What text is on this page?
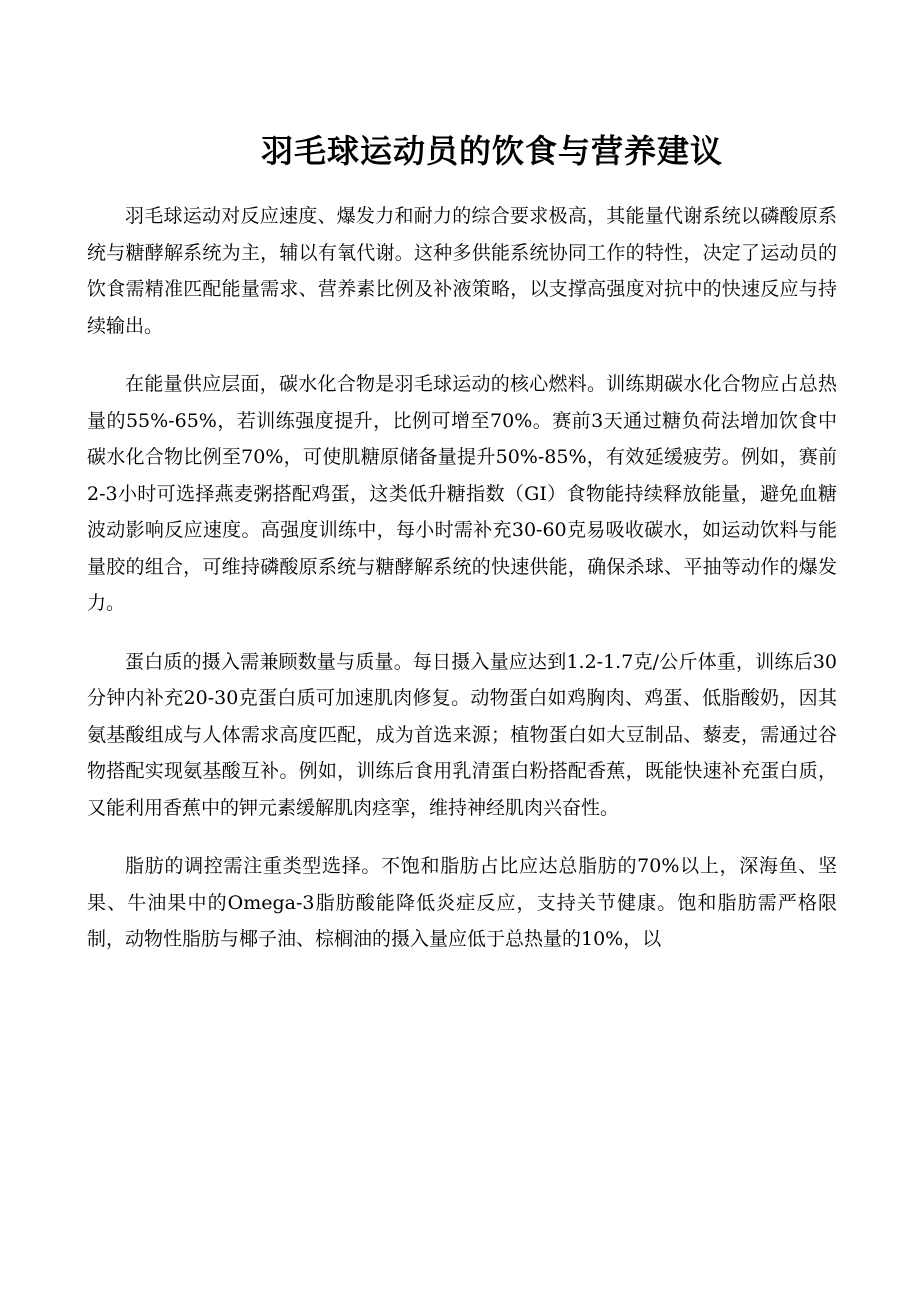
羽毛球运动员的饮食与营养建议

羽毛球运动对反应速度、爆发力和耐力的综合要求极高，其能量代谢系统以磷酸原系统与糖酵解系统为主，辅以有氧代谢。这种多供能系统协同工作的特性，决定了运动员的饮食需精准匹配能量需求、营养素比例及补液策略，以支撑高强度对抗中的快速反应与持续输出。

在能量供应层面，碳水化合物是羽毛球运动的核心燃料。训练期碳水化合物应占总热量的55%-65%，若训练强度提升，比例可增至70%。赛前3天通过糖负荷法增加饮食中碳水化合物比例至70%，可使肌糖原储备量提升50%-85%，有效延缓疲劳。例如，赛前2-3小时可选择燕麦粥搭配鸡蛋，这类低升糖指数（GI）食物能持续释放能量，避免血糖波动影响反应速度。高强度训练中，每小时需补充30-60克易吸收碳水，如运动饮料与能量胶的组合，可维持磷酸原系统与糖酵解系统的快速供能，确保杀球、平抽等动作的爆发力。

蛋白质的摄入需兼顾数量与质量。每日摄入量应达到1.2-1.7克/公斤体重，训练后30分钟内补充20-30克蛋白质可加速肌肉修复。动物蛋白如鸡胸肉、鸡蛋、低脂酸奶，因其氨基酸组成与人体需求高度匹配，成为首选来源；植物蛋白如大豆制品、藜麦，需通过谷物搭配实现氨基酸互补。例如，训练后食用乳清蛋白粉搭配香蕉，既能快速补充蛋白质，又能利用香蕉中的钾元素缓解肌肉痉挛，维持神经肌肉兴奋性。

脂肪的调控需注重类型选择。不饱和脂肪占比应达总脂肪的70%以上，深海鱼、坚果、牛油果中的Omega-3脂肪酸能降低炎症反应，支持关节健康。饱和脂肪需严格限制，动物性脂肪与椰子油、棕榈油的摄入量应低于总热量的10%，以
